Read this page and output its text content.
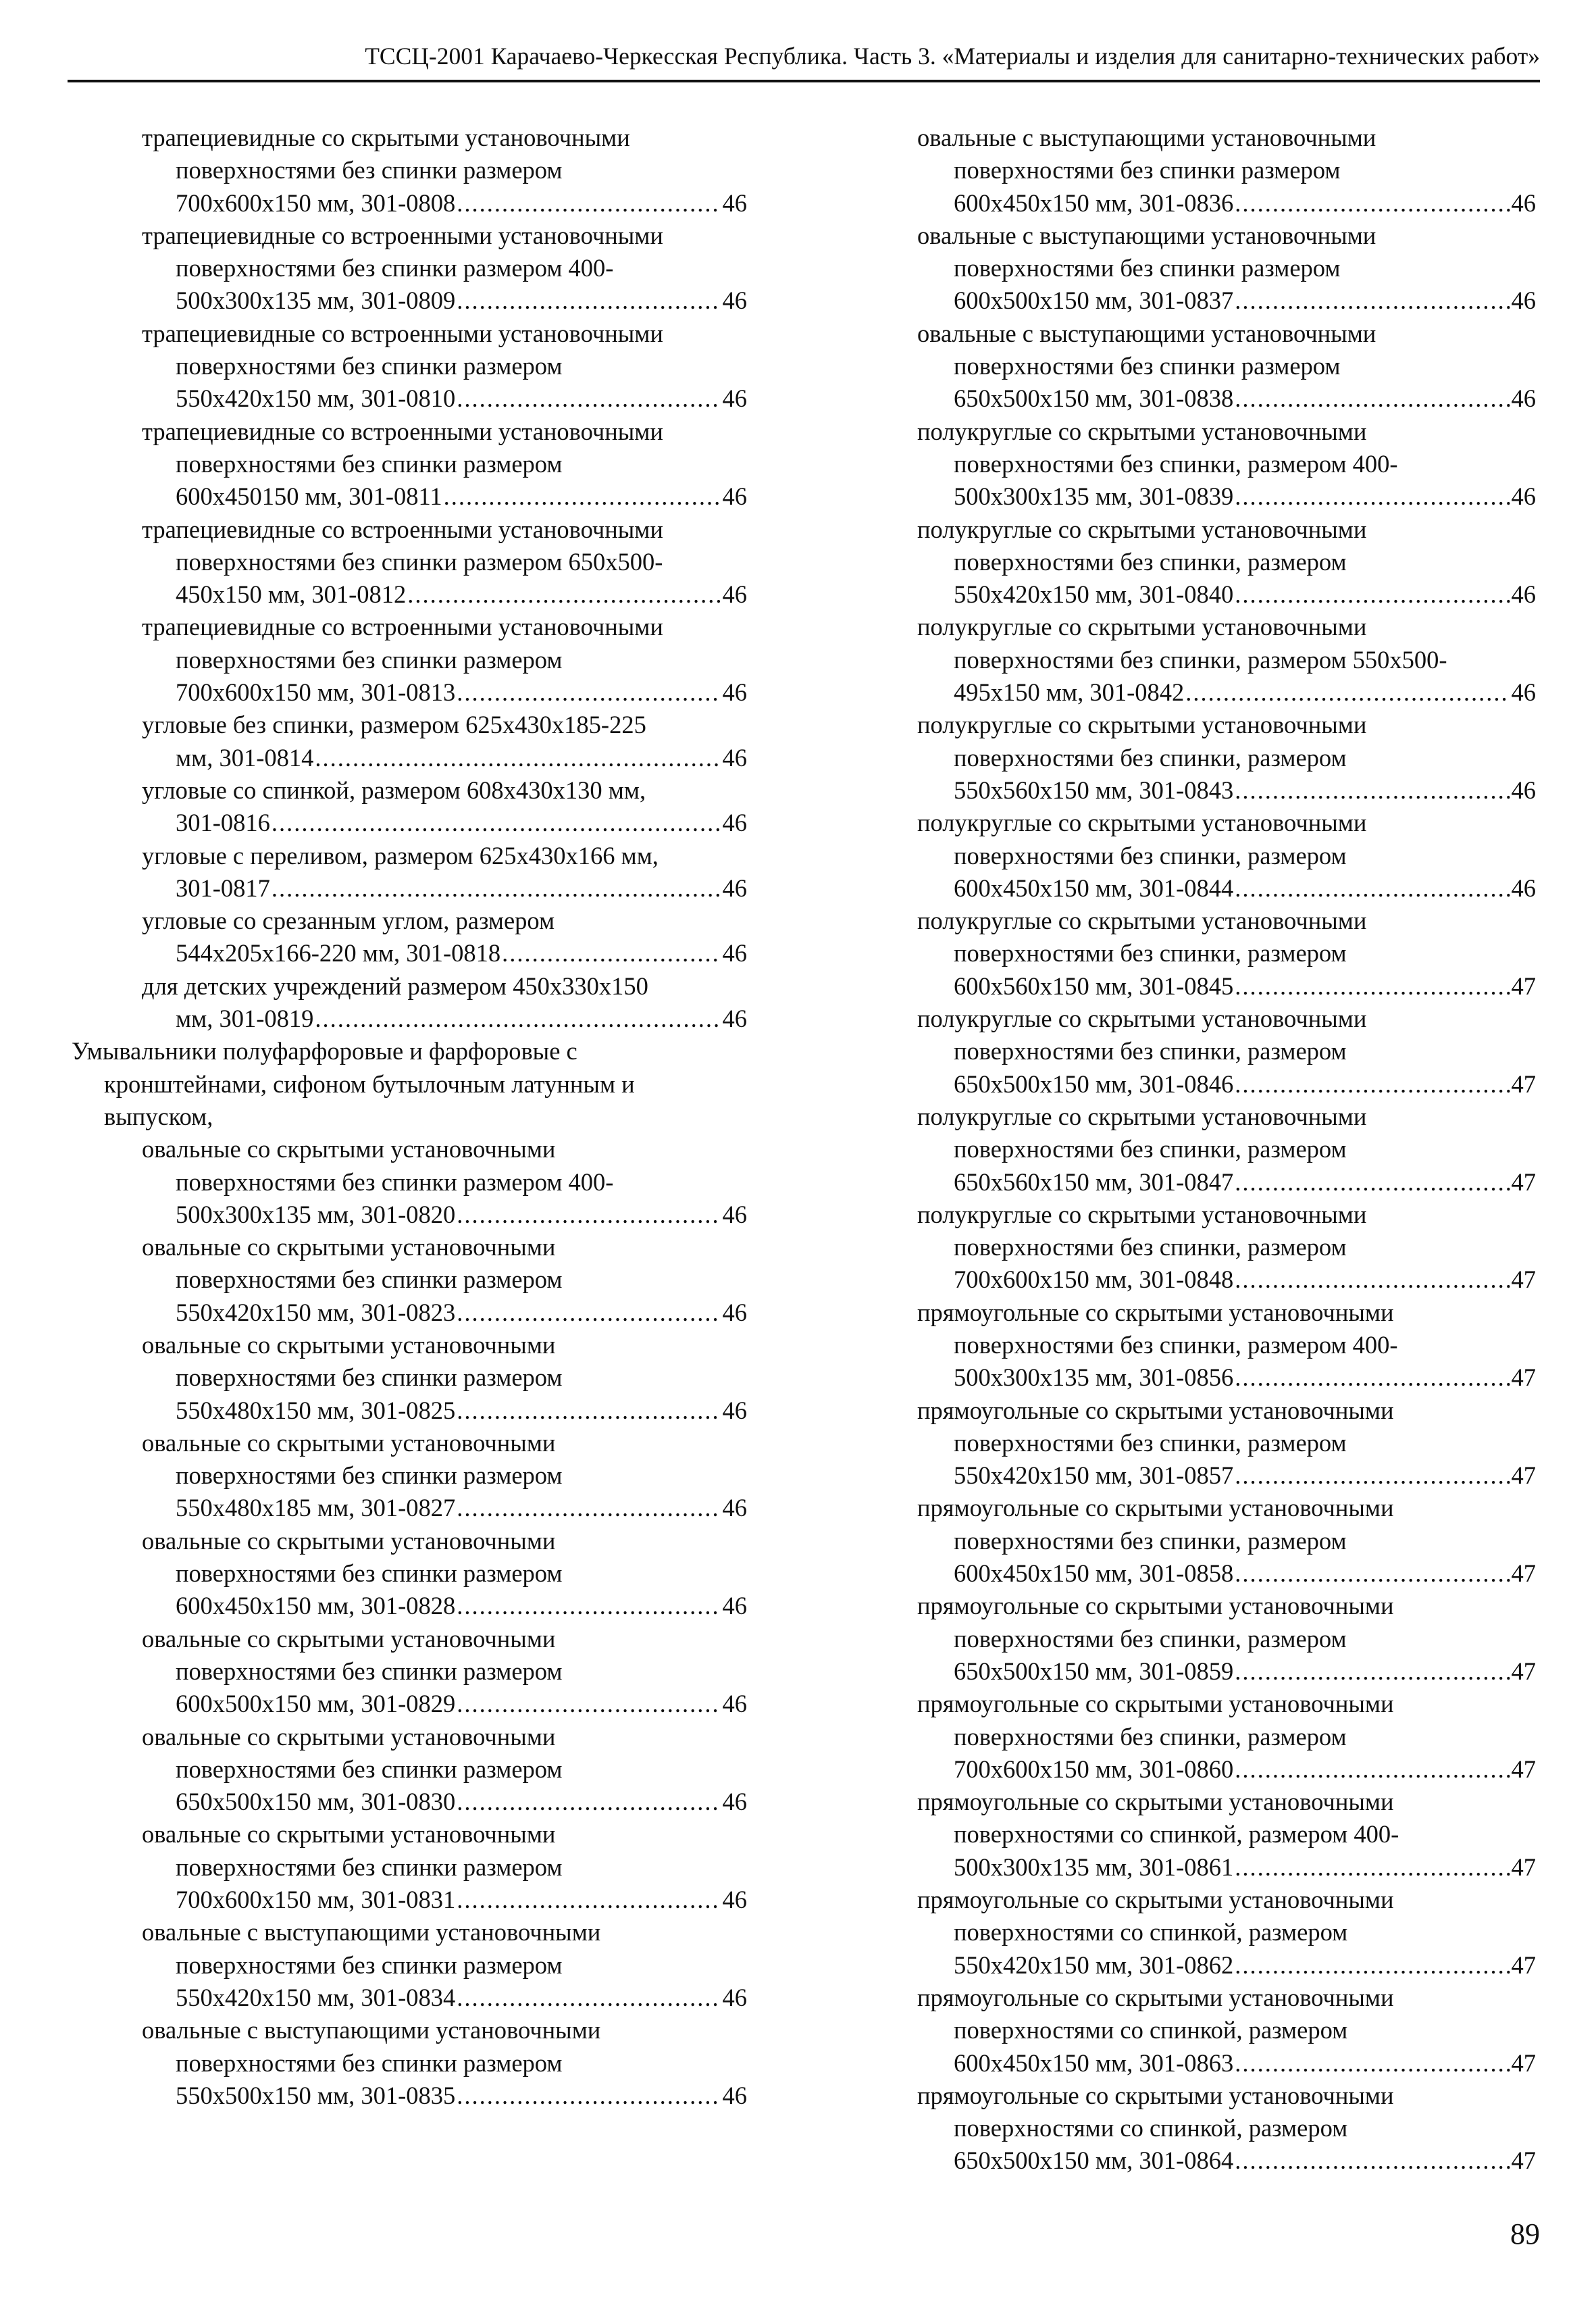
ТССЦ-2001 Карачаево-Черкесская Республика. Часть 3. «Материалы и изделия для санитарно-технических работ»
трапециевидные со скрытыми установочными
поверхностями без спинки размером
700x600x150 мм, 301-0808 .....	46
трапециевидные со встроенными установочными
поверхностями без спинки размером 400-
500x300x135 мм, 301-0809 .....	46
трапециевидные со встроенными установочными
поверхностями без спинки размером
550x420x150 мм, 301-0810 .....	46
трапециевидные со встроенными установочными
поверхностями без спинки размером
600x450150 мм, 301-0811 .....	46
трапециевидные со встроенными установочными
поверхностями без спинки размером 650x500-
450x150 мм, 301-0812 .....	46
трапециевидные со встроенными установочными
поверхностями без спинки размером
700x600x150 мм, 301-0813 .....	46
угловые без спинки, размером 625x430x185-225
мм, 301-0814 .....	46
угловые со спинкой, размером 608x430x130 мм,
301-0816 .....	46
угловые с переливом, размером 625x430x166 мм,
301-0817 .....	46
угловые со срезанным углом, размером
544x205x166-220 мм, 301-0818 .....	46
для детских учреждений размером 450x330x150
мм, 301-0819 .....	46
Умывальники полуфарфоровые и фарфоровые с
кронштейнами, сифоном бутылочным латунным и
выпуском,
овальные со скрытыми установочными
поверхностями без спинки размером 400-
500x300x135 мм, 301-0820 .....	46
овальные со скрытыми установочными
поверхностями без спинки размером
550x420x150 мм, 301-0823 .....	46
овальные со скрытыми установочными
поверхностями без спинки размером
550x480x150 мм, 301-0825 .....	46
овальные со скрытыми установочными
поверхностями без спинки размером
550x480x185 мм, 301-0827 .....	46
овальные со скрытыми установочными
поверхностями без спинки размером
600x450x150 мм, 301-0828 .....	46
овальные со скрытыми установочными
поверхностями без спинки размером
600x500x150 мм, 301-0829 .....	46
овальные со скрытыми установочными
поверхностями без спинки размером
650x500x150 мм, 301-0830 .....	46
овальные со скрытыми установочными
поверхностями без спинки размером
700x600x150 мм, 301-0831 .....	46
овальные с выступающими установочными
поверхностями без спинки размером
550x420x150 мм, 301-0834 .....	46
овальные с выступающими установочными
поверхностями без спинки размером
550x500x150 мм, 301-0835 .....	46
овальные с выступающими установочными
поверхностями без спинки размером
600x450x150 мм, 301-0836 .....	46
овальные с выступающими установочными
поверхностями без спинки размером
600x500x150 мм, 301-0837 .....	46
овальные с выступающими установочными
поверхностями без спинки размером
650x500x150 мм, 301-0838 .....	46
полукруглые со скрытыми установочными
поверхностями без спинки, размером 400-
500x300x135 мм, 301-0839 .....	46
полукруглые со скрытыми установочными
поверхностями без спинки, размером
550x420x150 мм, 301-0840 .....	46
полукруглые со скрытыми установочными
поверхностями без спинки, размером 550x500-
495x150 мм, 301-0842 .....	46
полукруглые со скрытыми установочными
поверхностями без спинки, размером
550x560x150 мм, 301-0843 .....	46
полукруглые со скрытыми установочными
поверхностями без спинки, размером
600x450x150 мм, 301-0844 .....	46
полукруглые со скрытыми установочными
поверхностями без спинки, размером
600x560x150 мм, 301-0845 .....	47
полукруглые со скрытыми установочными
поверхностями без спинки, размером
650x500x150 мм, 301-0846 .....	47
полукруглые со скрытыми установочными
поверхностями без спинки, размером
650x560x150 мм, 301-0847 .....	47
полукруглые со скрытыми установочными
поверхностями без спинки, размером
700x600x150 мм, 301-0848 .....	47
прямоугольные со скрытыми установочными
поверхностями без спинки, размером 400-
500x300x135 мм, 301-0856 .....	47
прямоугольные со скрытыми установочными
поверхностями без спинки, размером
550x420x150 мм, 301-0857 .....	47
прямоугольные со скрытыми установочными
поверхностями без спинки, размером
600x450x150 мм, 301-0858 .....	47
прямоугольные со скрытыми установочными
поверхностями без спинки, размером
650x500x150 мм, 301-0859 .....	47
прямоугольные со скрытыми установочными
поверхностями без спинки, размером
700x600x150 мм, 301-0860 .....	47
прямоугольные со скрытыми установочными
поверхностями со спинкой, размером 400-
500x300x135 мм, 301-0861 .....	47
прямоугольные со скрытыми установочными
поверхностями со спинкой, размером
550x420x150 мм, 301-0862 .....	47
прямоугольные со скрытыми установочными
поверхностями со спинкой, размером
600x450x150 мм, 301-0863 .....	47
прямоугольные со скрытыми установочными
поверхностями со спинкой, размером
650x500x150 мм, 301-0864 .....	47
89
